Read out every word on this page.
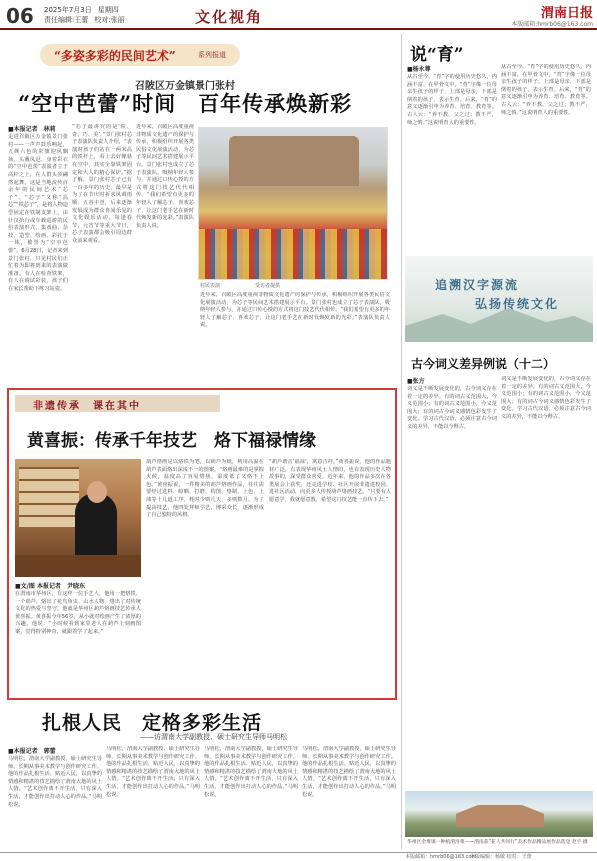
06 2025年7月3日 星期四
责任编辑:王蕾 校对:张丽	文化视角	渭南日报
本版邮箱:hmrb06@163.com
“多姿多彩的民间艺术”	系列报道
召陂区万金镇景门张村
“空中芭蕾”时间　百年传承焕新彩
■本报记者　林莉
走进召陂区万金镇景门张村——一声声鼓乐响起，五颜六色的彩旗迎风飘扬，头戴凤冠、身着彩衣的“空中芭蕾”表演者立于高杆之上，在人群头顶翩然起舞，这是当地流传百余年的民间艺术“芯子”。“芯子”又称“高芯”“铁芯子”，是将人物造型固定在铁制支架上，由壮汉抬行或车载巡游的民俗表演形式，集戏曲、杂技、造型、绘画、彩扎于一体，被誉为“空中芭蕾”。6月28日，记者来到景门张村，只见村民们正忙着为即将到来的表演做准备。有人在检查铁架，有人在调试彩装，孩子们在家长帮助下练习站姿。
“芯子最讲究的是‘险、奇、巧、美’。”景门张村芯子表演队负责人介绍，“表演时孩子们站在一两米高的铁杆上，看上去好像悬在空中，其实全靠铁架固定和大人的精心保护。”据了解，景门张村芯子已有一百多年的历史，最早是为了在节庆时祈求风调雨顺、五谷丰登，后来逐渐发展成为群众喜闻乐见的文化娱乐活动。每逢春节、元宵节等重大节日，芯子表演都会吸引周边群众前来观看。
近年来，召陂区高度重视非物质文化遗产的保护与传承，积极组织开展各类民俗文化展演活动，为芯子等民间艺术搭建展示平台。景门张村也成立了芯子表演队，吸纳年轻人参与，并通过口传心授的方式将这门技艺代代相传。“我们希望有更多的年轻人了解芯子、喜欢芯子，让这门老手艺在新时代焕发新的光彩。”表演队负责人说。
村民表演　　　　　　　受访者提供
近年来，召陂区高度重视非物质文化遗产的保护与传承，积极组织开展各类民俗文化展演活动，为芯子等民间艺术搭建展示平台。景门张村也成立了芯子表演队，吸纳年轻人参与，并通过口传心授的方式将这门技艺代代相传。“我们希望有更多的年轻人了解芯子、喜欢芯子，让这门老手艺在新时代焕发新的光彩。”表演队负责人说。
非遗传承　课在其中
黄喜振：传承千年技艺　烙下福禄情缘
■文/图 本报记者　尹晓东
在渭南市华州区，有这样一位手艺人，他用一把烙铁、一个葫芦，烙出了花鸟鱼虫、山水人物，烙出了对传统文化的热爱与坚守。他就是华州区葫芦烙画技艺传承人黄喜振。黄喜振今年56岁，从小就对绘画产生了浓厚的兴趣。他说：“小时候看到家里老人在葫芦上刻画图案，觉得特别神奇，就跟着学了起来。”
葫芦烙画是以烙铁为笔，以葫芦为纸，利用高温在葫芦表面烙出深浅不一的图案。“烙画最难的是掌握火候，温度高了容易烙焦，温度低了又烙不上色。”黄喜振说，一件精美的葫芦烙画作品，往往需要经过选料、晾晒、打磨、构图、烙制、上色、上油等十几道工序，耗时少则几天，多则数月。为了提高技艺，他四处拜师学艺，博采众长，逐渐形成了自己独特的风格。
“葫芦谐音‘福禄’，寓意吉祥。”黄喜振说，他的作品题材广泛，有表现华州风土人情的，也有表现历史人物故事的，深受群众喜爱。近年来，他的作品多次在各类展会上获奖，还走进学校、社区开展非遗进校园、进社区活动，向更多人传授葫芦烙画技艺。“只要有人愿意学，我就愿意教，希望这门技艺能一直传下去。”
扎根人民　定格多彩生活
——访渭南大学副教授、硕士研究生导师马明松
■本报记者　郭蕾
马明松，渭南大学副教授、硕士研究生导师，长期从事美术教学与创作研究工作。他的作品扎根生活、贴近人民，以真挚的情感和精湛的技艺描绘了渭南大地的风土人情。“艺术创作离不开生活，只有深入生活，才能创作出打动人心的作品。”马明松说。
马明松，渭南大学副教授、硕士研究生导师，长期从事美术教学与创作研究工作。他的作品扎根生活、贴近人民，以真挚的情感和精湛的技艺描绘了渭南大地的风土人情。“艺术创作离不开生活，只有深入生活，才能创作出打动人心的作品。”马明松说。
马明松，渭南大学副教授、硕士研究生导师，长期从事美术教学与创作研究工作。他的作品扎根生活、贴近人民，以真挚的情感和精湛的技艺描绘了渭南大地的风土人情。“艺术创作离不开生活，只有深入生活，才能创作出打动人心的作品。”马明松说。
马明松，渭南大学副教授、硕士研究生导师，长期从事美术教学与创作研究工作。他的作品扎根生活、贴近人民，以真挚的情感和精湛的技艺描绘了渭南大地的风土人情。“艺术创作离不开生活，只有深入生活，才能创作出打动人心的作品。”马明松说。
说“育”
■杨永尊
从古至今，“育”字的使用历史悠久，内涵丰富。在甲骨文中，“育”字像一位母亲生孩子的样子，上部是母亲，下部是倒着的孩子，表示生育。后来，“育”的意义逐渐引申为养育、培育、教育等。古人云：“养不教，父之过；教不严，师之惰。”这说明育人的重要性。
从古至今，“育”字的使用历史悠久，内涵丰富。在甲骨文中，“育”字像一位母亲生孩子的样子，上部是母亲，下部是倒着的孩子，表示生育。后来，“育”的意义逐渐引申为养育、培育、教育等。古人云：“养不教，父之过；教不严，师之惰。”这说明育人的重要性。
追溯汉字源流
弘扬传统文化
古今词义差异例说（十二）
■张方
词义是不断发展变化的，古今词义存在着一定的差异。有的词古义范围大，今义范围小；有的词古义范围小，今义范围大；有的词古今词义感情色彩发生了变化。学习古代汉语，必须注意古今词义的差异，不能以今释古。
词义是不断发展变化的，古今词义存在着一定的差异。有的词古义范围大，今义范围小；有的词古义范围小，今义范围大；有的词古今词义感情色彩发生了变化。学习古代汉语，必须注意古今词义的差异，不能以今释古。
华州区金堆镇一种植渭洛菜——渭南获“花人共同行”美术作品精品展作品选登 赵宇 摄
本版邮箱：hmrb06@163.com
本版编辑：杨敏 校对：王蕾
